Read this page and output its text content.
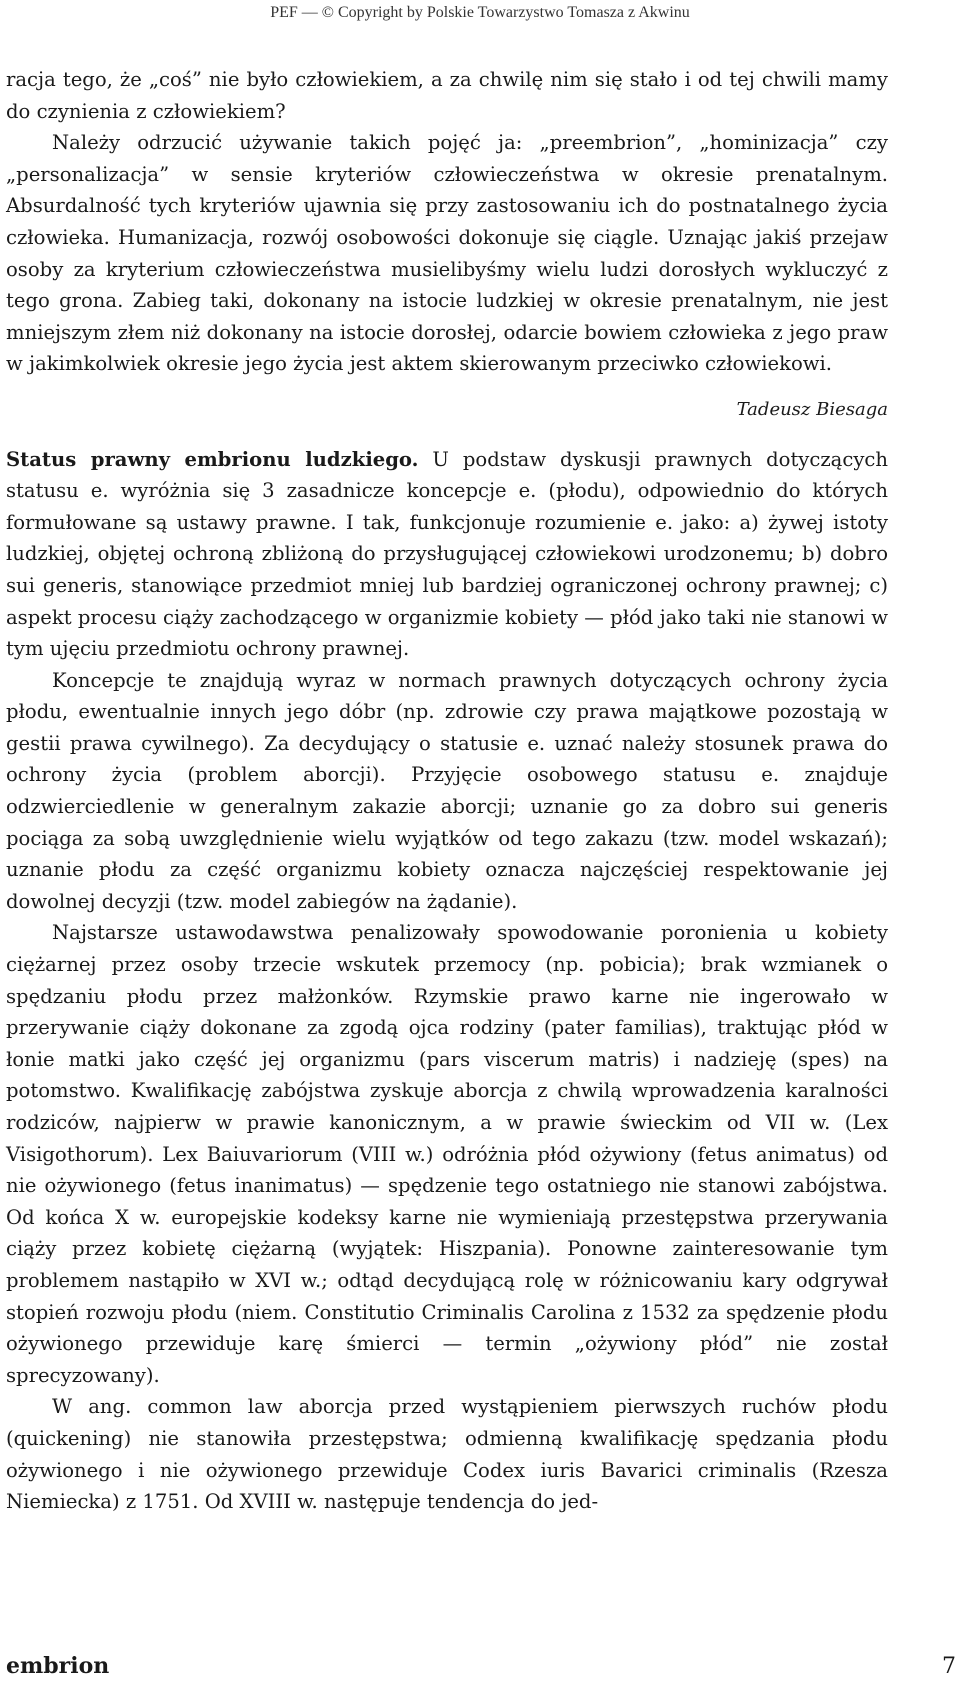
PEF — © Copyright by Polskie Towarzystwo Tomasza z Akwinu

racja tego, że „coś” nie było człowiekiem, a za chwilę nim się stało i od tej chwili mamy do czynienia z człowiekiem?

Należy odrzucić używanie takich pojęć ja: „preembrion”, „hominizacja” czy „personalizacja” w sensie kryteriów człowieczeństwa w okresie prenatalnym. Absurdalność tych kryteriów ujawnia się przy zastosowaniu ich do postnatalnego życia człowieka. Humanizacja, rozwój osobowości dokonuje się ciągle. Uznając jakiś przejaw osoby za kryterium człowieczeństwa musielibyśmy wielu ludzi dorosłych wykluczyć z tego grona. Zabieg taki, dokonany na istocie ludzkiej w okresie prenatalnym, nie jest mniejszym złem niż dokonany na istocie dorosłej, odarcie bowiem człowieka z jego praw w jakimkolwiek okresie jego życia jest aktem skierowanym przeciwko człowiekowi.

Tadeusz Biesaga

Status prawny embrionu ludzkiego. U podstaw dyskusji prawnych dotyczących statusu e. wyróżnia się 3 zasadnicze koncepcje e. (płodu), odpowiednio do których formułowane są ustawy prawne. I tak, funkcjonuje rozumienie e. jako: a) żywej istoty ludzkiej, objętej ochroną zbliżoną do przysługującej człowiekowi urodzonemu; b) dobro sui generis, stanowiące przedmiot mniej lub bardziej ograniczonej ochrony prawnej; c) aspekt procesu ciąży zachodzącego w organizmie kobiety — płód jako taki nie stanowi w tym ujęciu przedmiotu ochrony prawnej.

Koncepcje te znajdują wyraz w normach prawnych dotyczących ochrony życia płodu, ewentualnie innych jego dóbr (np. zdrowie czy prawa majątkowe pozostają w gestii prawa cywilnego). Za decydujący o statusie e. uznać należy stosunek prawa do ochrony życia (problem aborcji). Przyjęcie osobowego statusu e. znajduje odzwierciedlenie w generalnym zakazie aborcji; uznanie go za dobro sui generis pociąga za sobą uwzględnienie wielu wyjątków od tego zakazu (tzw. model wskazań); uznanie płodu za część organizmu kobiety oznacza najczęściej respektowanie jej dowolnej decyzji (tzw. model zabiegów na żądanie).

Najstarsze ustawodawstwa penalizowały spowodowanie poronienia u kobiety ciężarnej przez osoby trzecie wskutek przemocy (np. pobicia); brak wzmianek o spędzaniu płodu przez małżonków. Rzymskie prawo karne nie ingerowało w przerywanie ciąży dokonane za zgodą ojca rodziny (pater familias), traktując płód w łonie matki jako część jej organizmu (pars viscerum matris) i nadzieję (spes) na potomstwo. Kwalifikację zabójstwa zyskuje aborcja z chwilą wprowadzenia karalności rodziców, najpierw w prawie kanonicznym, a w prawie świeckim od VII w. (Lex Visigothorum). Lex Baiuvariorum (VIII w.) odróżnia płód ożywiony (fetus animatus) od nie ożywionego (fetus inanimatus) — spędzenie tego ostatniego nie stanowi zabójstwa. Od końca X w. europejskie kodeksy karne nie wymieniają przestępstwa przerywania ciąży przez kobietę ciężarną (wyjątek: Hiszpania). Ponowne zainteresowanie tym problemem nastąpiło w XVI w.; odtąd decydującą rolę w różnicowaniu kary odgrywał stopień rozwoju płodu (niem. Constitutio Criminalis Carolina z 1532 za spędzenie płodu ożywionego przewiduje karę śmierci — termin „ożywiony płód” nie został sprecyzowany).

W ang. common law aborcja przed wystąpieniem pierwszych ruchów płodu (quickening) nie stanowiła przestępstwa; odmienną kwalifikację spędzania płodu ożywionego i nie ożywionego przewiduje Codex iuris Bavarici criminalis (Rzesza Niemiecka) z 1751. Od XVIII w. następuje tendencja do jed-

embrion	7
